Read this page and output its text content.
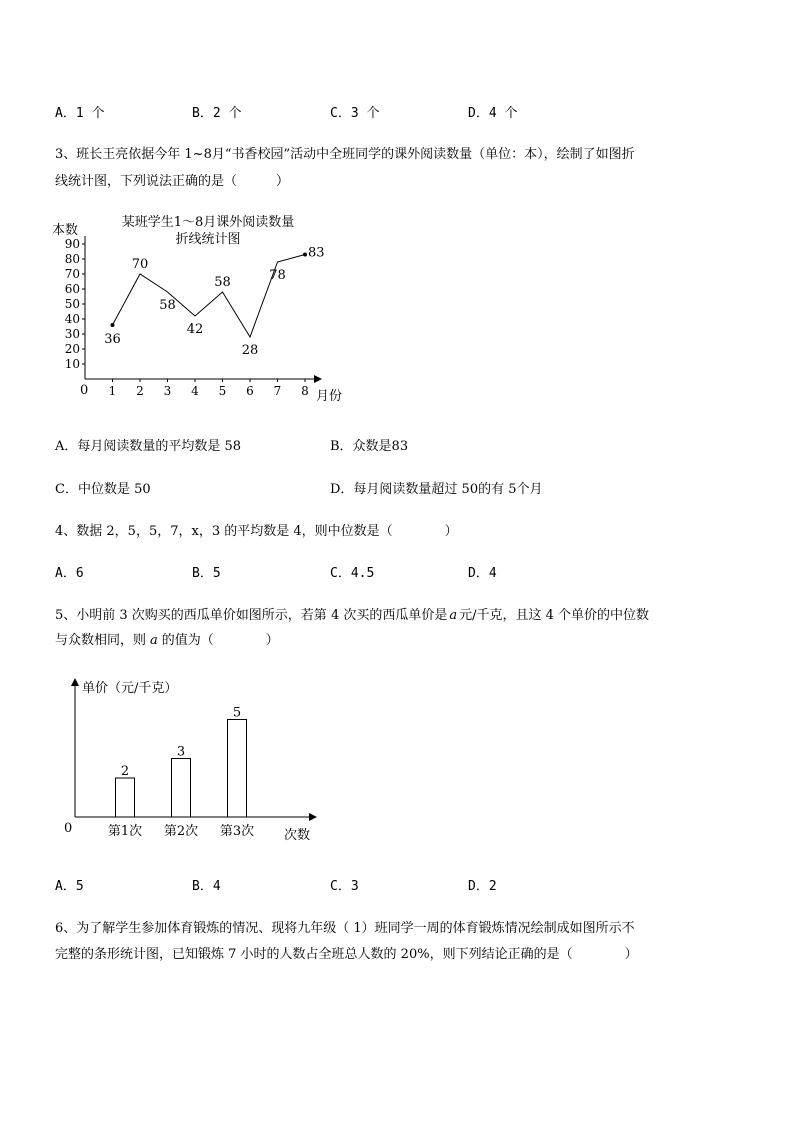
A．1 个	B．2 个	C．3 个	D．4 个
3、班长王亮依据今年 1~8月“书香校园”活动中全班同学的课外阅读数量（单位：本），绘制了如图折
线统计图，下列说法正确的是（　　　）
某班学生1～8月课外阅读数量
折线统计图
本数
月份
0
10
20
30
40
50
60
70
80
90
1 2 3 4 5 6 7 8
36
70
58
42
58
28
78
83
A．每月阅读数量的平均数是 58	B．众数是83
C．中位数是 50	D．每月阅读数量超过 50的有 5个月
4、数据 2，5，5，7，x，3 的平均数是 4，则中位数是（　　　　）
A．6	B．5	C．4.5	D．4
5、小明前 3 次购买的西瓜单价如图所示，若第 4 次买的西瓜单价是 a 元/千克，且这 4 个单价的中位数
与众数相同，则 a 的值为（　　　　）
单价（元/千克）
次数
0
2
3
5
第1次 第2次 第3次
A．5	B．4	C．3	D．2
6、为了解学生参加体育锻炼的情况、现将九年级（ 1）班同学一周的体育锻炼情况绘制成如图所示不
完整的条形统计图，已知锻炼 7 小时的人数占全班总人数的 20%，则下列结论正确的是（　　　　）
